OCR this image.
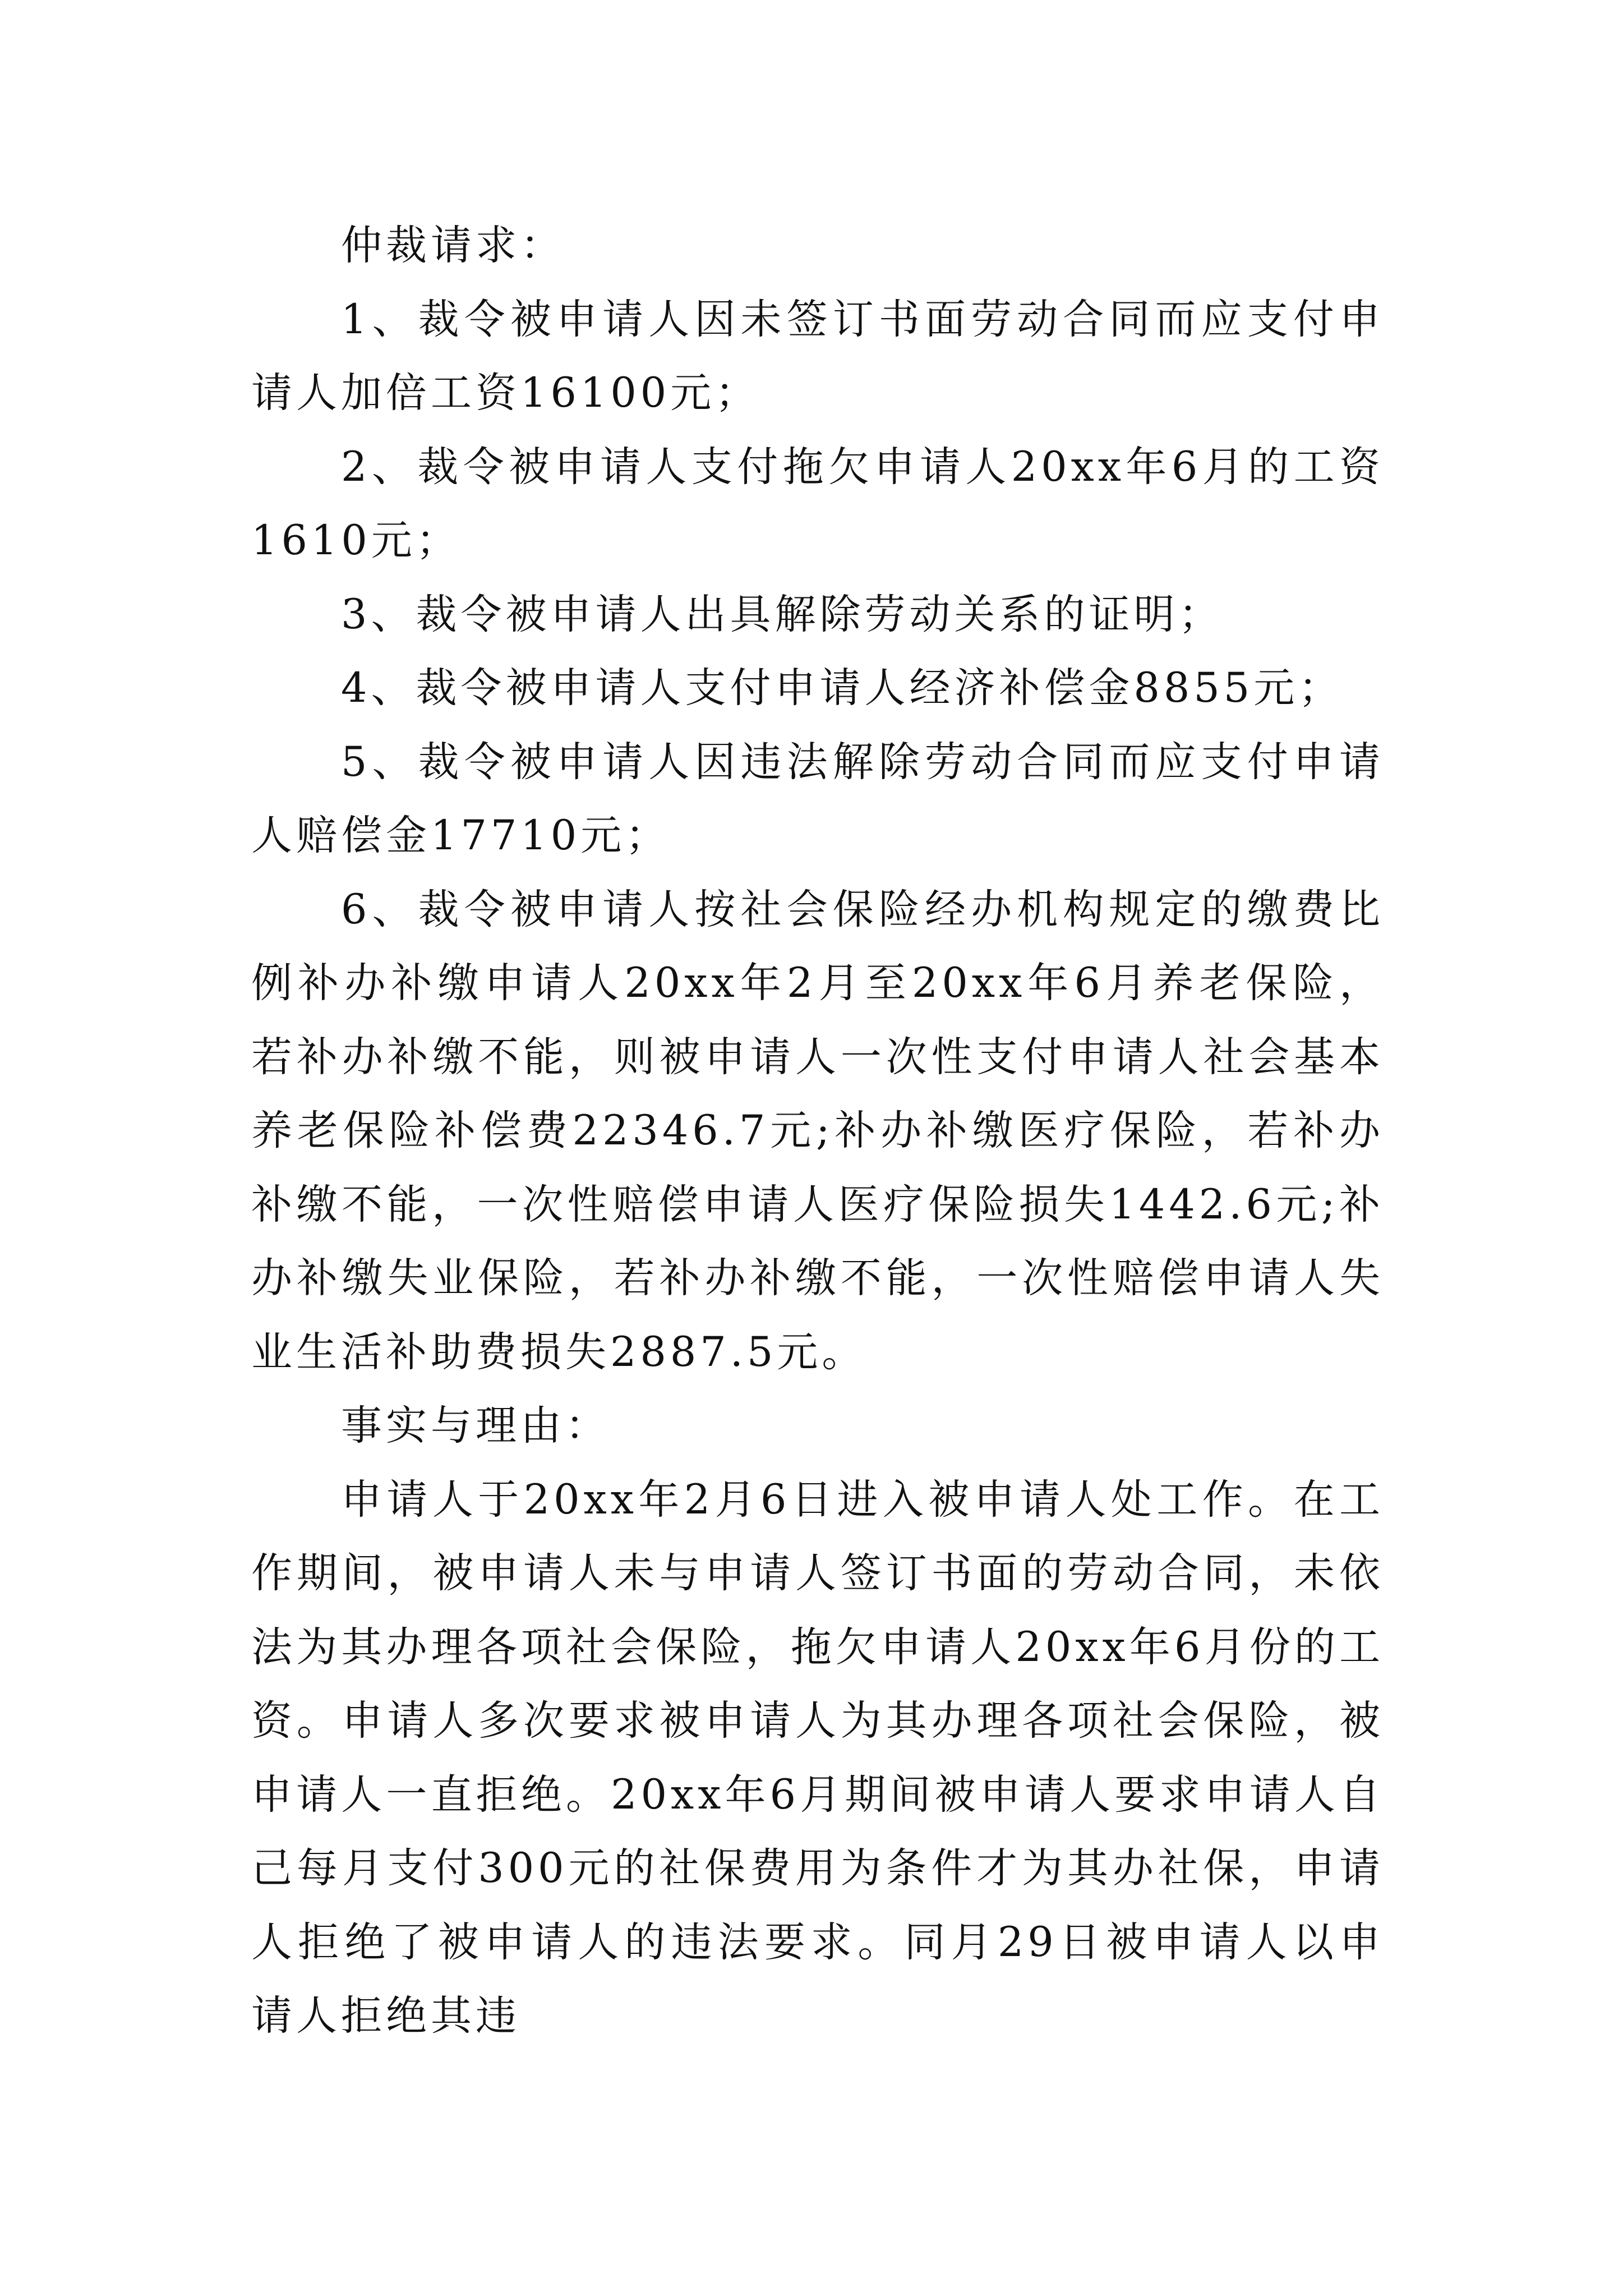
仲裁请求：

1、裁令被申请人因未签订书面劳动合同而应支付申请人加倍工资16100元；

2、裁令被申请人支付拖欠申请人20xx年6月的工资1610元；

3、裁令被申请人出具解除劳动关系的证明；

4、裁令被申请人支付申请人经济补偿金8855元；

5、裁令被申请人因违法解除劳动合同而应支付申请人赔偿金17710元；

6、裁令被申请人按社会保险经办机构规定的缴费比例补办补缴申请人20xx年2月至20xx年6月养老保险，若补办补缴不能，则被申请人一次性支付申请人社会基本养老保险补偿费22346.7元;补办补缴医疗保险，若补办补缴不能，一次性赔偿申请人医疗保险损失1442.6元;补办补缴失业保险，若补办补缴不能，一次性赔偿申请人失业生活补助费损失2887.5元。

事实与理由：

申请人于20xx年2月6日进入被申请人处工作。在工作期间，被申请人未与申请人签订书面的劳动合同，未依法为其办理各项社会保险，拖欠申请人20xx年6月份的工资。申请人多次要求被申请人为其办理各项社会保险，被申请人一直拒绝。20xx年6月期间被申请人要求申请人自己每月支付300元的社保费用为条件才为其办社保，申请人拒绝了被申请人的违法要求。同月29日被申请人以申请人拒绝其违
